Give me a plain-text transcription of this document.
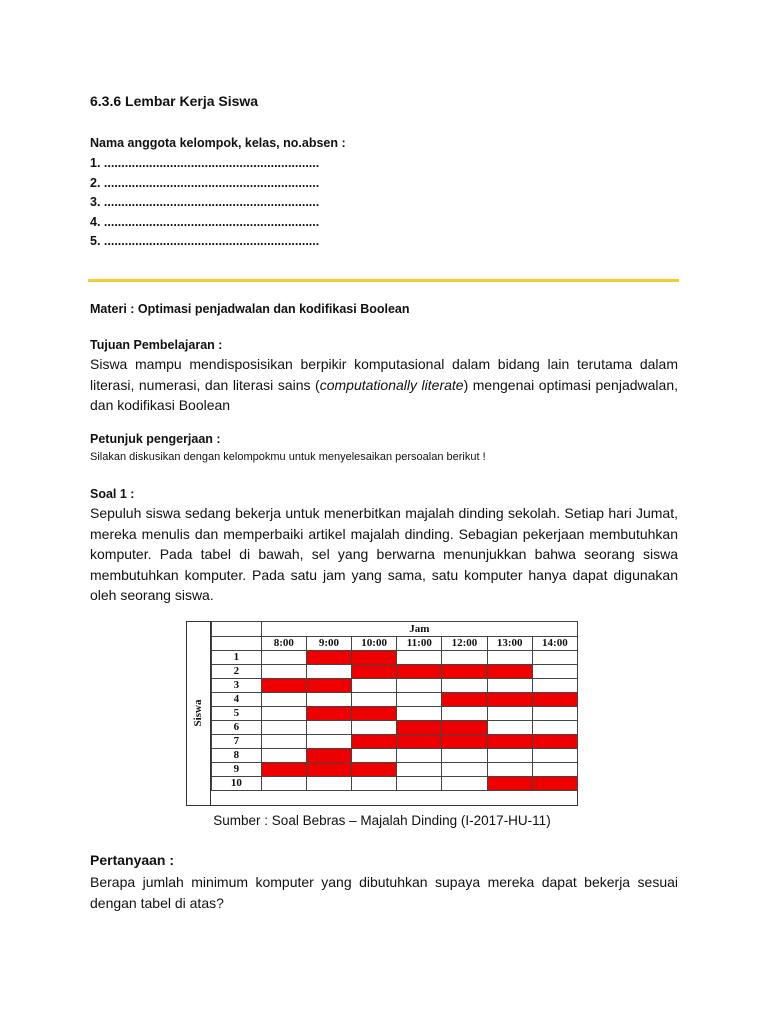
6.3.6 Lembar Kerja Siswa
Nama anggota kelompok, kelas, no.absen :
1. ..............................................................
2. ..............................................................
3. ..............................................................
4. ..............................................................
5. ..............................................................
Materi : Optimasi penjadwalan dan kodifikasi Boolean
Tujuan Pembelajaran :
Siswa mampu mendisposisikan berpikir komputasional dalam bidang lain terutama dalam literasi, numerasi, dan literasi sains (computationally literate) mengenai optimasi penjadwalan, dan kodifikasi Boolean
Petunjuk pengerjaan :
Silakan diskusikan dengan kelompokmu untuk menyelesaikan persoalan berikut !
Soal 1 :
Sepuluh siswa sedang bekerja untuk menerbitkan majalah dinding sekolah. Setiap hari Jumat, mereka menulis dan memperbaiki artikel majalah dinding. Sebagian pekerjaan membutuhkan komputer. Pada tabel di bawah, sel yang berwarna menunjukkan bahwa seorang siswa membutuhkan komputer. Pada satu jam yang sama, satu komputer hanya dapat digunakan oleh seorang siswa.
Siswa
	Jam						
	8:00	9:00	10:00	11:00	12:00	13:00	14:00
1							
2							
3							
4							
5							
6							
7							
8							
9							
10							
Sumber : Soal Bebras – Majalah Dinding (I-2017-HU-11)
Pertanyaan :
Berapa jumlah minimum komputer yang dibutuhkan supaya mereka dapat bekerja sesuai dengan tabel di atas?
